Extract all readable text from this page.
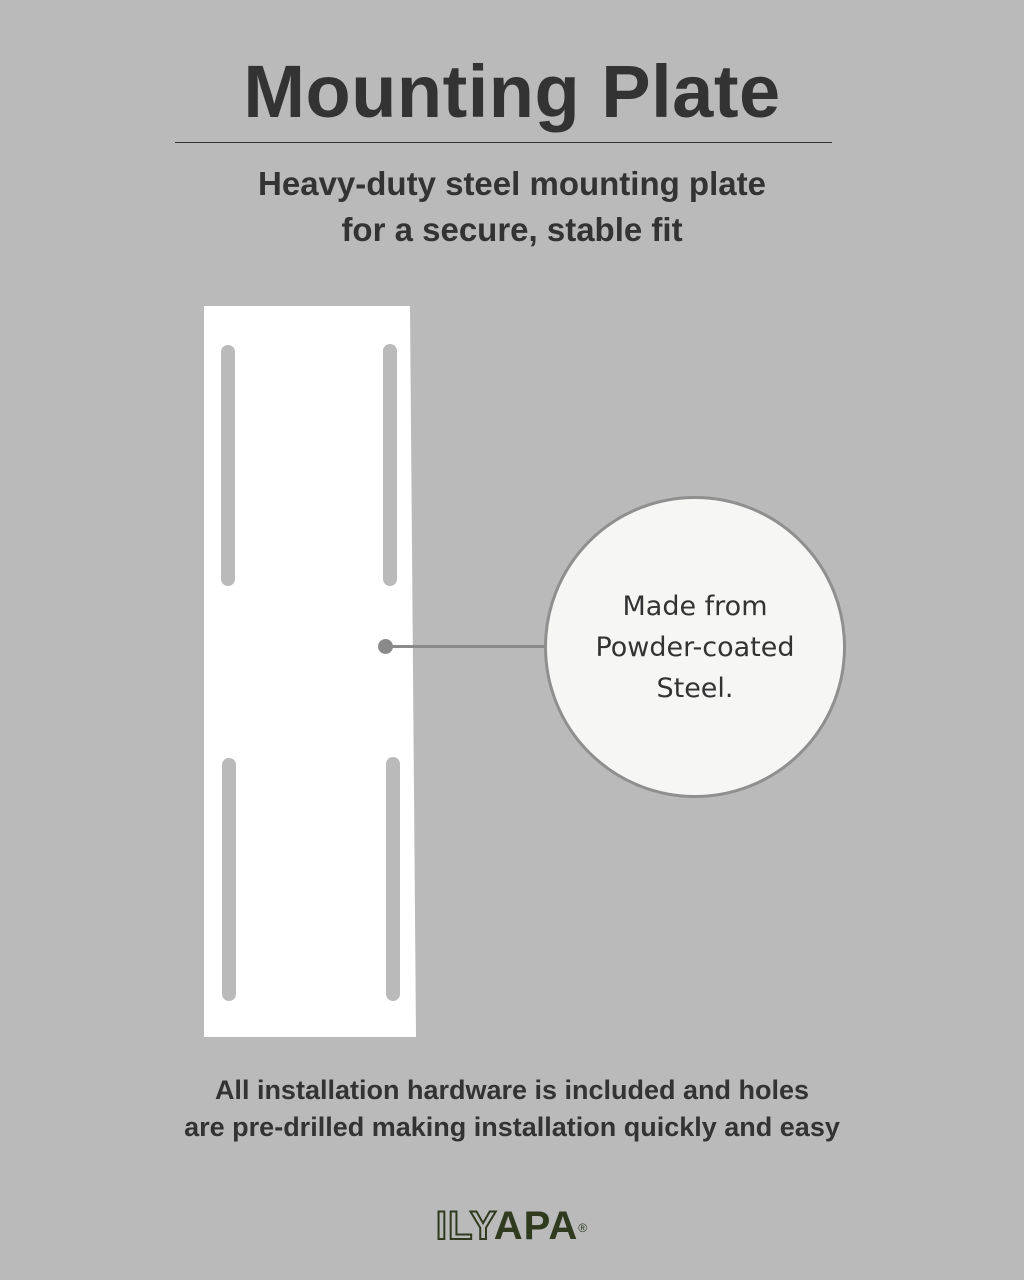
Mounting Plate
Heavy-duty steel mounting plate
for a secure, stable fit
Made from
Powder-coated
Steel.
All installation hardware is included and holes
are pre-drilled making installation quickly and easy
ILYAPA®
